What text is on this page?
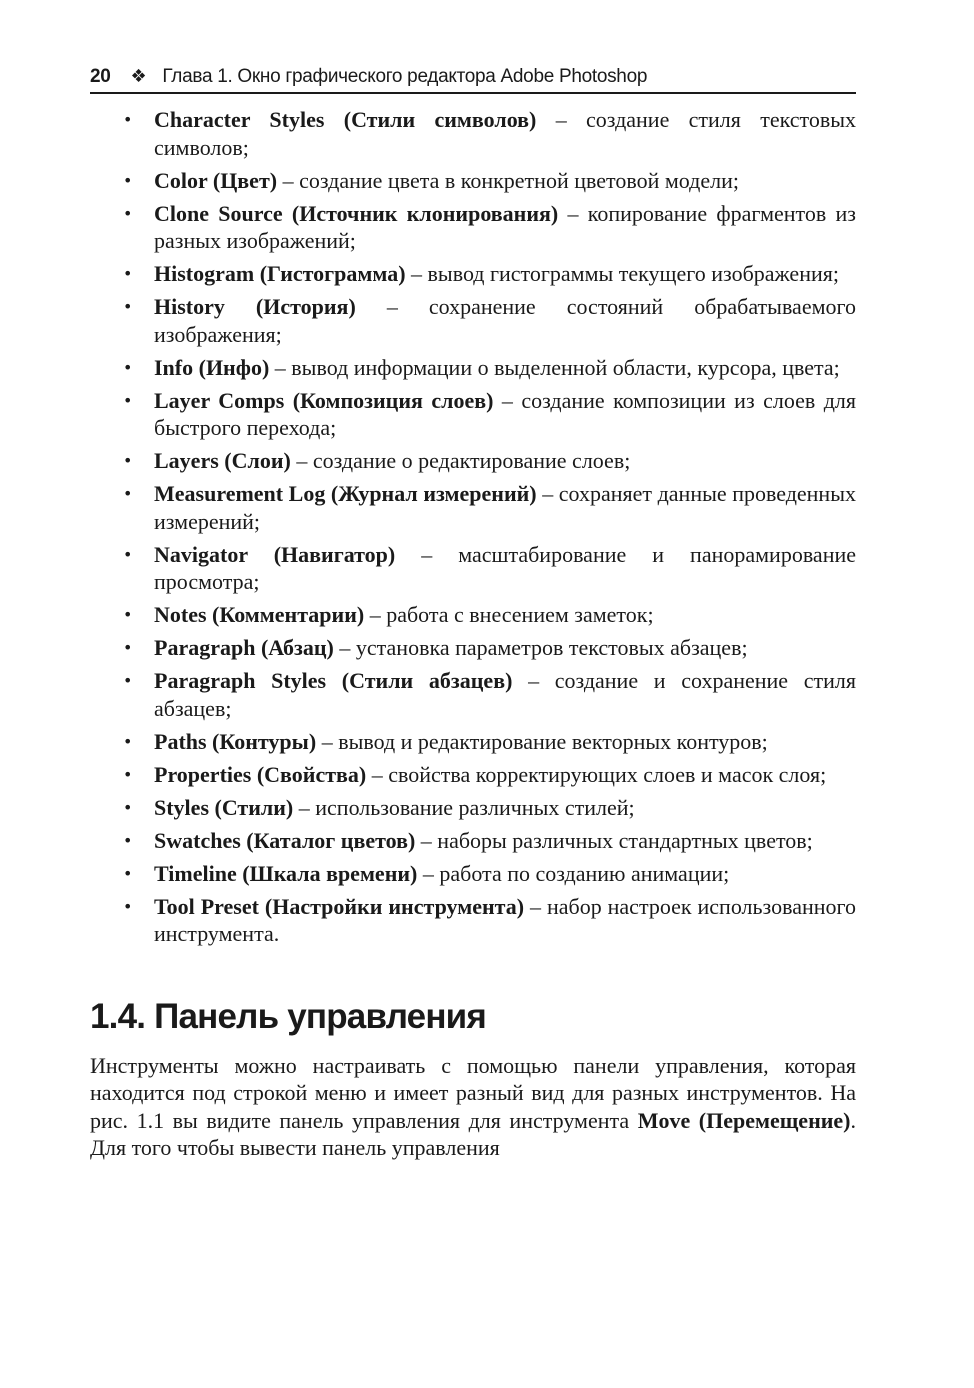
20 ❖ Глава 1. Окно графического редактора Adobe Photoshop
• Character Styles (Стили символов) – создание стиля текстовых символов;
• Color (Цвет) – создание цвета в конкретной цветовой модели;
• Clone Source (Источник клонирования) – копирование фрагментов из разных изображений;
• Histogram (Гистограмма) – вывод гистограммы текущего изображения;
• History (История) – сохранение состояний обрабатываемого изображения;
• Info (Инфо) – вывод информации о выделенной области, курсора, цвета;
• Layer Comps (Композиция слоев) – создание композиции из слоев для быстрого перехода;
• Layers (Слои) – создание о редактирование слоев;
• Measurement Log (Журнал измерений) – сохраняет данные проведенных измерений;
• Navigator (Навигатор) – масштабирование и панорамирование просмотра;
• Notes (Комментарии) – работа с внесением заметок;
• Paragraph (Абзац) – установка параметров текстовых абзацев;
• Paragraph Styles (Стили абзацев) – создание и сохранение стиля абзацев;
• Paths (Контуры) – вывод и редактирование векторных контуров;
• Properties (Свойства) – свойства корректирующих слоев и масок слоя;
• Styles (Стили) – использование различных стилей;
• Swatches (Каталог цветов) – наборы различных стандартных цветов;
• Timeline (Шкала времени) – работа по созданию анимации;
• Tool Preset (Настройки инструмента) – набор настроек использованного инструмента.
1.4. Панель управления

Инструменты можно настраивать с помощью панели управления, которая находится под строкой меню и имеет разный вид для разных инструментов. На рис. 1.1 вы видите панель управления для инструмента Move (Перемещение). Для того чтобы вывести панель управления
